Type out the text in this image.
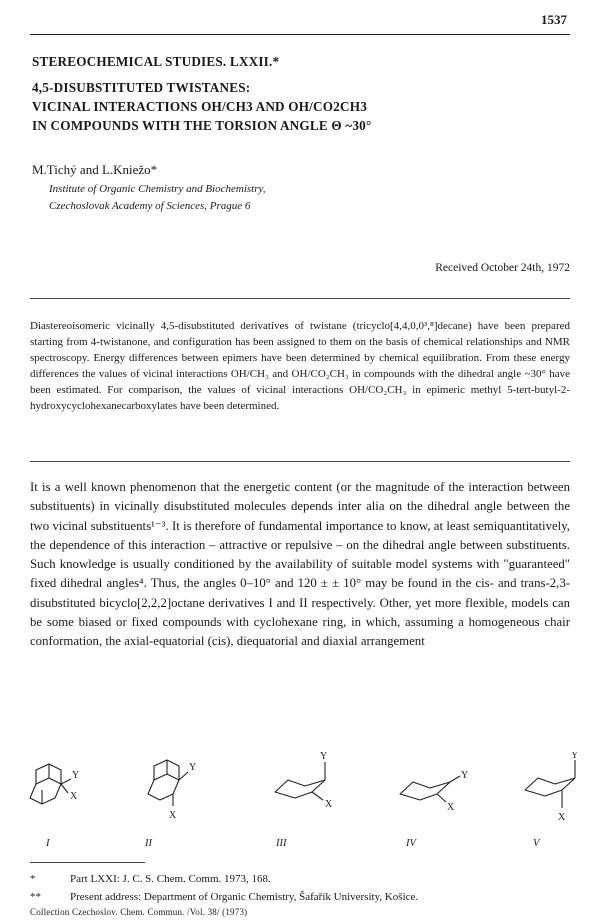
1537
STEREOCHEMICAL STUDIES. LXXII.*
4,5-DISUBSTITUTED TWISTANES:
VICINAL INTERACTIONS OH/CH3 AND OH/CO2CH3
IN COMPOUNDS WITH THE TORSION ANGLE Θ ~30°
M.Tichý and L.Kniežo*
Institute of Organic Chemistry and Biochemistry,
Czechoslovak Academy of Sciences, Prague 6
Received October 24th, 1972
Diastereoisomeric vicinally 4,5-disubstituted derivatives of twistane (tricyclo[4,4,0,0³,⁸]decane) have been prepared starting from 4-twistanone, and configuration has been assigned to them on the basis of chemical relationships and NMR spectroscopy. Energy differences between epimers have been determined by chemical equilibration. From these energy differences the values of vicinal interactions OH/CH₃ and OH/CO₂CH₃ in compounds with the dihedral angle ~30° have been estimated. For comparison, the values of vicinal interactions OH/CO₂CH₃ in epimeric methyl 5-tert-butyl-2-hydroxycyclohexanecarboxylates have been determined.
It is a well known phenomenon that the energetic content (or the magnitude of the interaction between substituents) in vicinally disubstituted molecules depends inter alia on the dihedral angle between the two vicinal substituents¹⁻³. It is therefore of fundamental importance to know, at least semiquantitatively, the dependence of this interaction – attractive or repulsive – on the dihedral angle between substituents. Such knowledge is usually conditioned by the availability of suitable model systems with "guaranteed" fixed dihedral angles⁴. Thus, the angles 0–10° and 120 ± ± 10° may be found in the cis- and trans-2,3-disubstituted bicyclo[2,2,2]octane derivatives I and II respectively. Other, yet more flexible, models can be some biased or fixed compounds with cyclohexane ring, in which, assuming a homogeneous chair conformation, the axial-equatorial (cis), diequatorial and diaxial arrangement
Y
X
Y
X
Y
X
Y
X
Y
X
I	II	III	IV	V
*	Part LXXI: J. C. S. Chem. Comm. 1973, 168.
**	Present address: Department of Organic Chemistry, Šafařík University, Košice.
Collection Czechoslov. Chem. Commun. /Vol. 38/ (1973)
